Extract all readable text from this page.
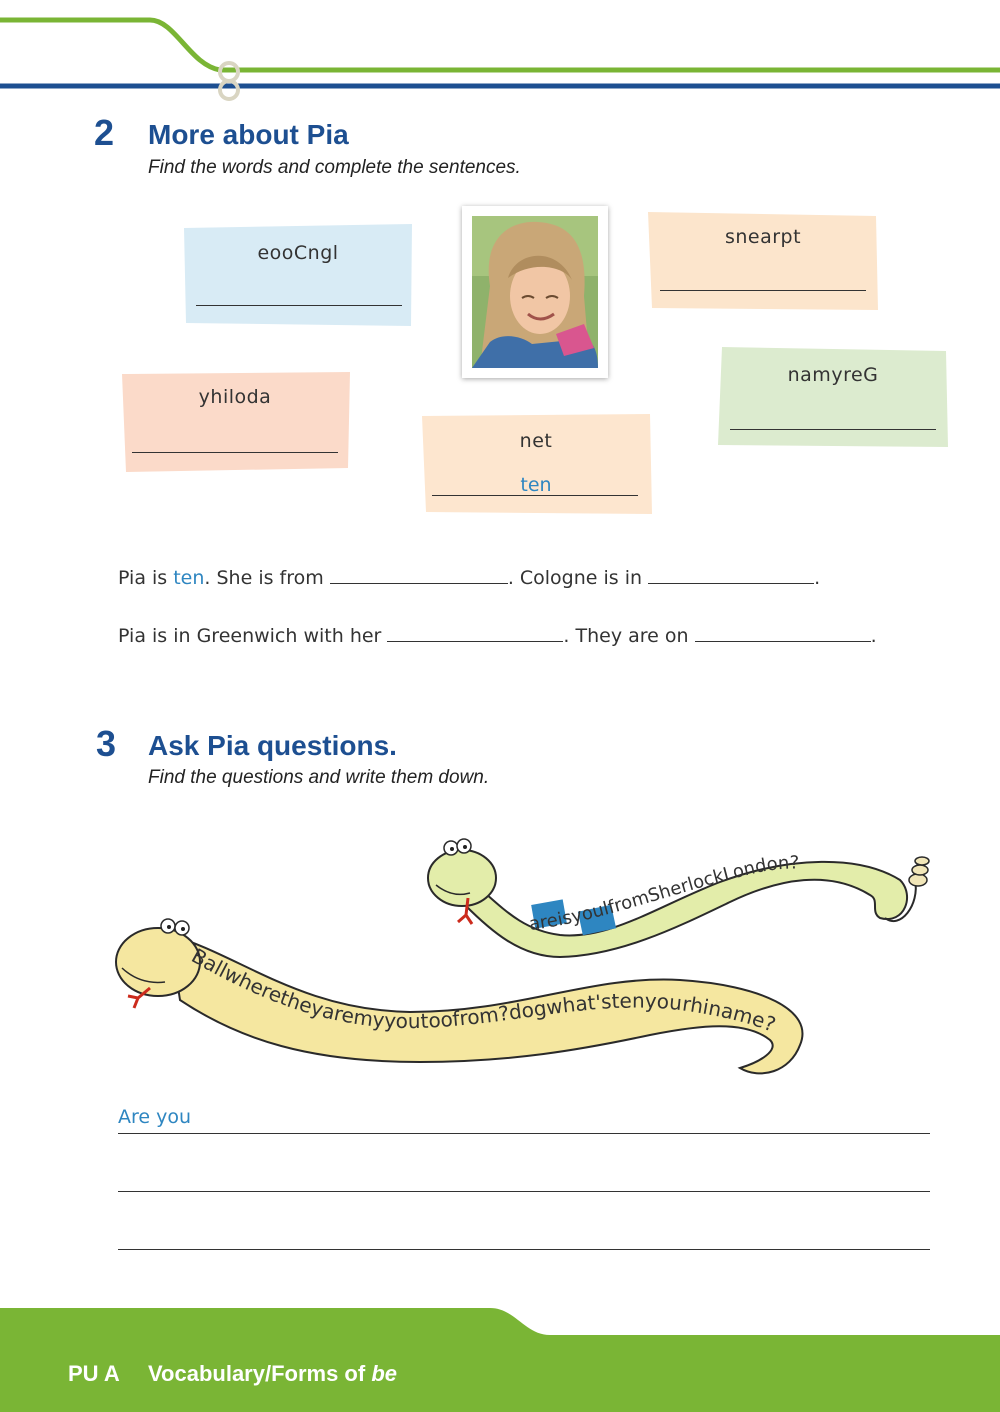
2 More about Pia
Find the words and complete the sentences.
eooCngl
snearpt
yhiloda
net
ten
namyreG
Pia is ten. She is from	. Cologne is in	.
Pia is in Greenwich with her	. They are on	.
3 Ask Pia questions.
Find the questions and write them down.
areisyoulfromSherlockLondon?
Ballwheretheyaremyyoutoofrom?dogwhat'stenyourhiname?
Are you
PU A Vocabulary/Forms of be
